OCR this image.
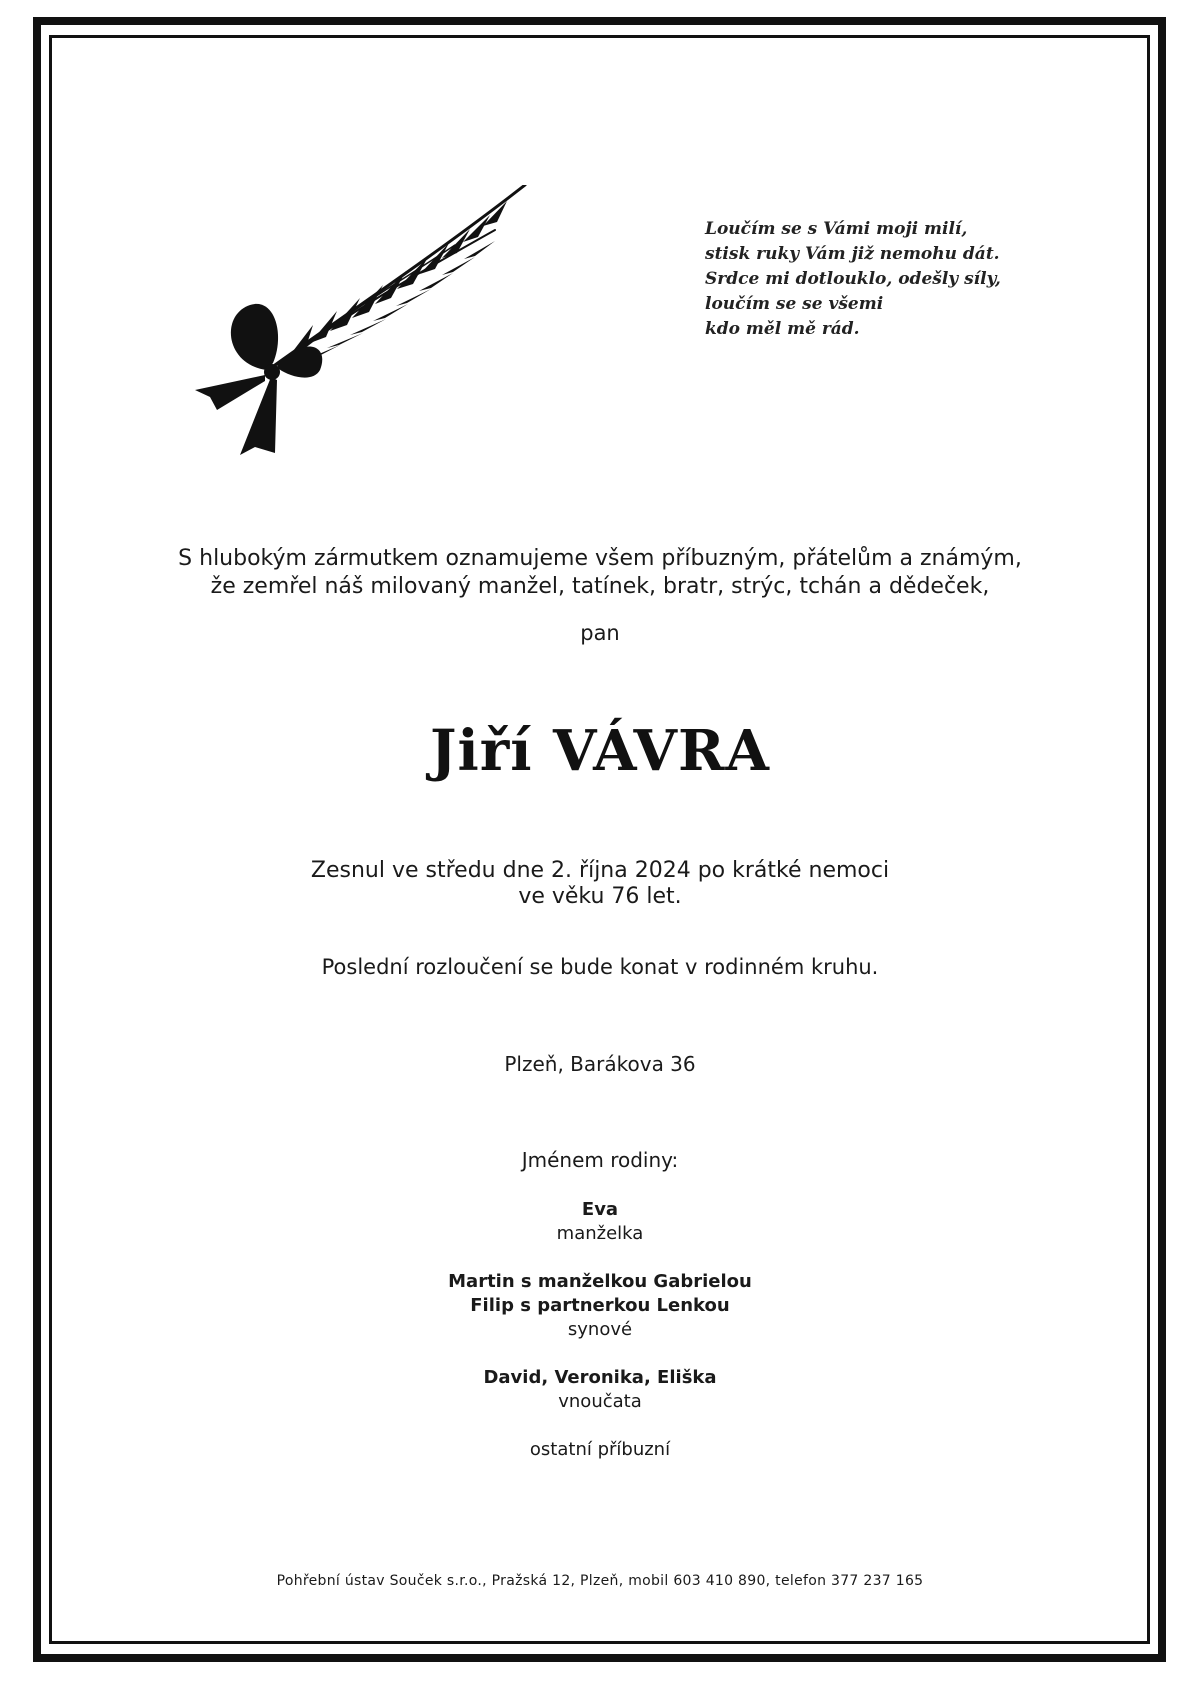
Loučím se s Vámi moji milí,
stisk ruky Vám již nemohu dát.
Srdce mi dotlouklo, odešly síly,
loučím se se všemi
kdo měl mě rád.
S hlubokým zármutkem oznamujeme všem příbuzným, přátelům a známým,
že zemřel náš milovaný manžel, tatínek, bratr, strýc, tchán a dědeček,
pan
Jiří VÁVRA
Zesnul ve středu dne 2. října 2024 po krátké nemoci
ve věku 76 let.
Poslední rozloučení se bude konat v rodinném kruhu.
Plzeň, Barákova 36
Jménem rodiny:
Eva
manželka
Martin s manželkou Gabrielou
Filip s partnerkou Lenkou
synové
David, Veronika, Eliška
vnoučata
ostatní příbuzní
Pohřební ústav Souček s.r.o., Pražská 12, Plzeň, mobil 603 410 890, telefon 377 237 165
